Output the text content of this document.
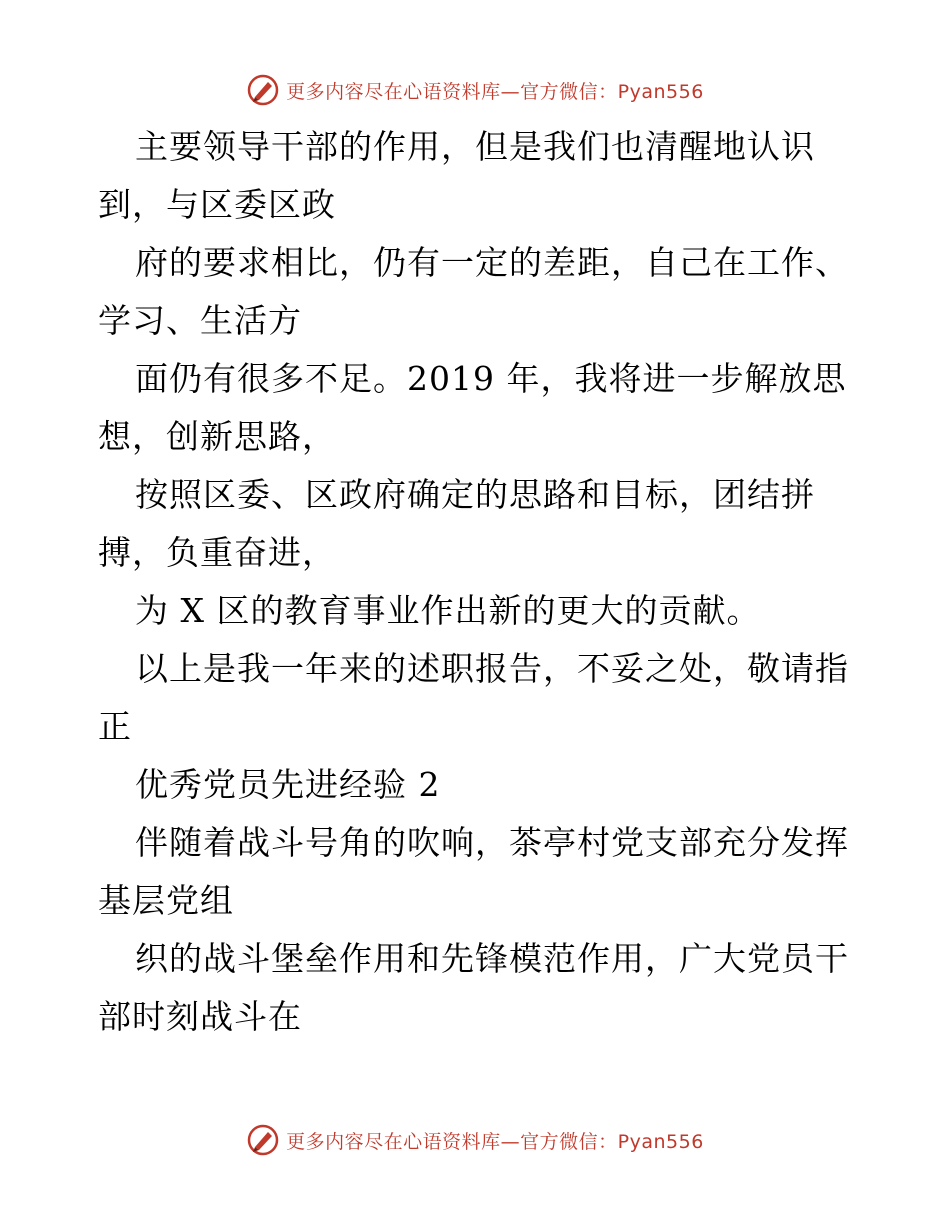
更多内容尽在心语资料库—官方微信：Pyan556

主要领导干部的作用，但是我们也清醒地认识
到，与区委区政

府的要求相比，仍有一定的差距，自己在工作、
学习、生活方

面仍有很多不足。2019 年，我将进一步解放思
想，创新思路，

按照区委、区政府确定的思路和目标，团结拼
搏，负重奋进，

为 X 区的教育事业作出新的更大的贡献。

以上是我一年来的述职报告，不妥之处，敬请指
正

优秀党员先进经验 2

伴随着战斗号角的吹响，茶亭村党支部充分发挥
基层党组

织的战斗堡垒作用和先锋模范作用，广大党员干
部时刻战斗在

更多内容尽在心语资料库—官方微信：Pyan556
